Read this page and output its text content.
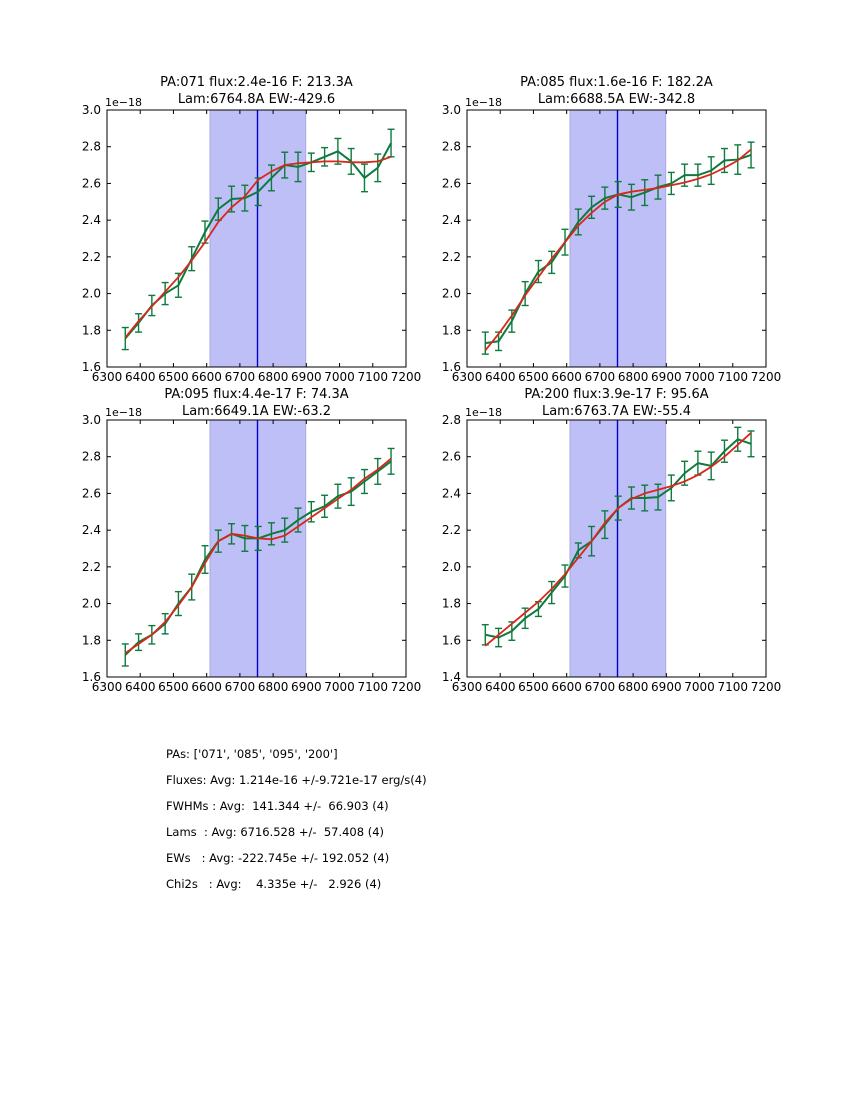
PA:071 flux:2.4e-16 F: 213.3A
Lam:6764.8A EW:-429.6
1e−18
6300 6400 6500 6600 6700 6800 6900 7000 7100 7200
1.6
1.8
2.0
2.2
2.4
2.6
2.8
3.0
PA:085 flux:1.6e-16 F: 182.2A
Lam:6688.5A EW:-342.8
1e−18
6300 6400 6500 6600 6700 6800 6900 7000 7100 7200
1.6
1.8
2.0
2.2
2.4
2.6
2.8
3.0
PA:095 flux:4.4e-17 F: 74.3A
Lam:6649.1A EW:-63.2
1e−18
6300 6400 6500 6600 6700 6800 6900 7000 7100 7200
1.6
1.8
2.0
2.2
2.4
2.6
2.8
3.0
PA:200 flux:3.9e-17 F: 95.6A
Lam:6763.7A EW:-55.4
1e−18
6300 6400 6500 6600 6700 6800 6900 7000 7100 7200
1.4
1.6
1.8
2.0
2.2
2.4
2.6
2.8
PAs: ['071', '085', '095', '200']
Fluxes: Avg: 1.214e-16 +/-9.721e-17 erg/s(4)
FWHMs : Avg:  141.344 +/-  66.903 (4)
Lams  : Avg: 6716.528 +/-  57.408 (4)
EWs   : Avg: -222.745e +/- 192.052 (4)
Chi2s   : Avg:    4.335e +/-   2.926 (4)
